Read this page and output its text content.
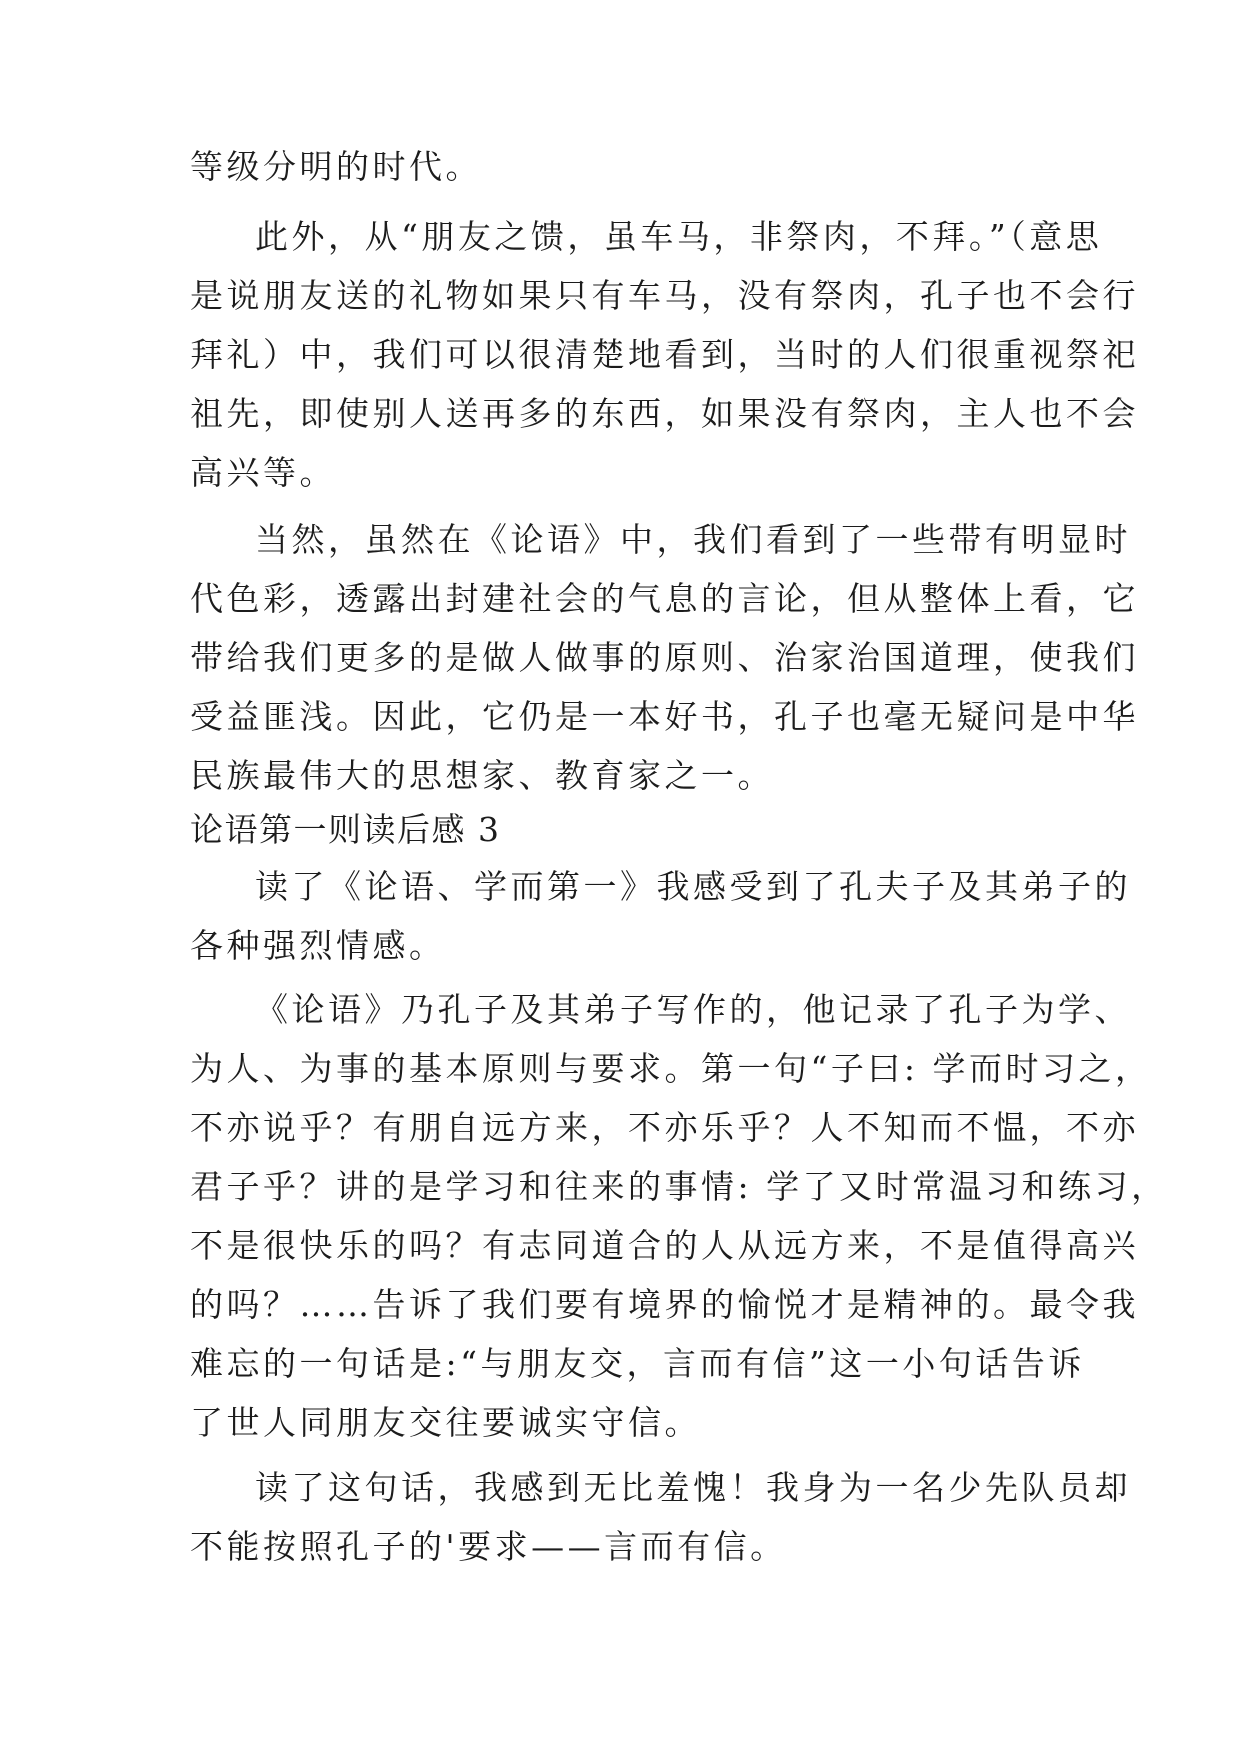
等级分明的时代。

此外，从“朋友之馈，虽车马，非祭肉，不拜。”（意思

是说朋友送的礼物如果只有车马，没有祭肉，孔子也不会行

拜礼）中，我们可以很清楚地看到，当时的人们很重视祭祀

祖先，即使别人送再多的东西，如果没有祭肉，主人也不会

高兴等。

当然，虽然在《论语》中，我们看到了一些带有明显时

代色彩，透露出封建社会的气息的言论，但从整体上看，它

带给我们更多的是做人做事的原则、治家治国道理，使我们

受益匪浅。因此，它仍是一本好书，孔子也毫无疑问是中华

民族最伟大的思想家、教育家之一。

论语第一则读后感 3

读了《论语、学而第一》我感受到了孔夫子及其弟子的

各种强烈情感。

《论语》乃孔子及其弟子写作的，他记录了孔子为学、

为人、为事的基本原则与要求。第一句“子曰: 学而时习之，

不亦说乎？有朋自远方来，不亦乐乎？人不知而不愠，不亦

君子乎？讲的是学习和往来的事情: 学了又时常温习和练习，

不是很快乐的吗？有志同道合的人从远方来，不是值得高兴

的吗？……告诉了我们要有境界的愉悦才是精神的。最令我

难忘的一句话是:“与朋友交，言而有信”这一小句话告诉

了世人同朋友交往要诚实守信。

读了这句话，我感到无比羞愧！我身为一名少先队员却

不能按照孔子的'要求——言而有信。
